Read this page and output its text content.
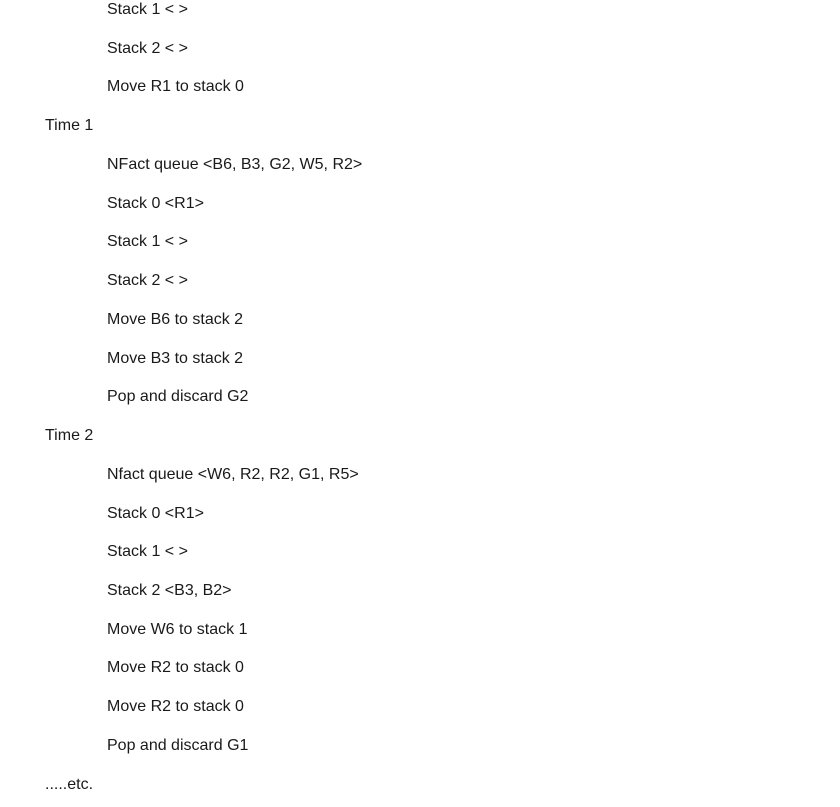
Stack 1 < >
Stack 2 < >
Move R1 to stack 0
Time 1
NFact queue <B6, B3, G2, W5, R2>
Stack 0 <R1>
Stack 1 < >
Stack 2 < >
Move B6 to stack 2
Move B3 to stack 2
Pop and discard G2
Time 2
Nfact queue <W6, R2, R2, G1, R5>
Stack 0 <R1>
Stack 1 < >
Stack 2 <B3, B2>
Move W6 to stack 1
Move R2 to stack 0
Move R2 to stack 0
Pop and discard G1
.....etc.
